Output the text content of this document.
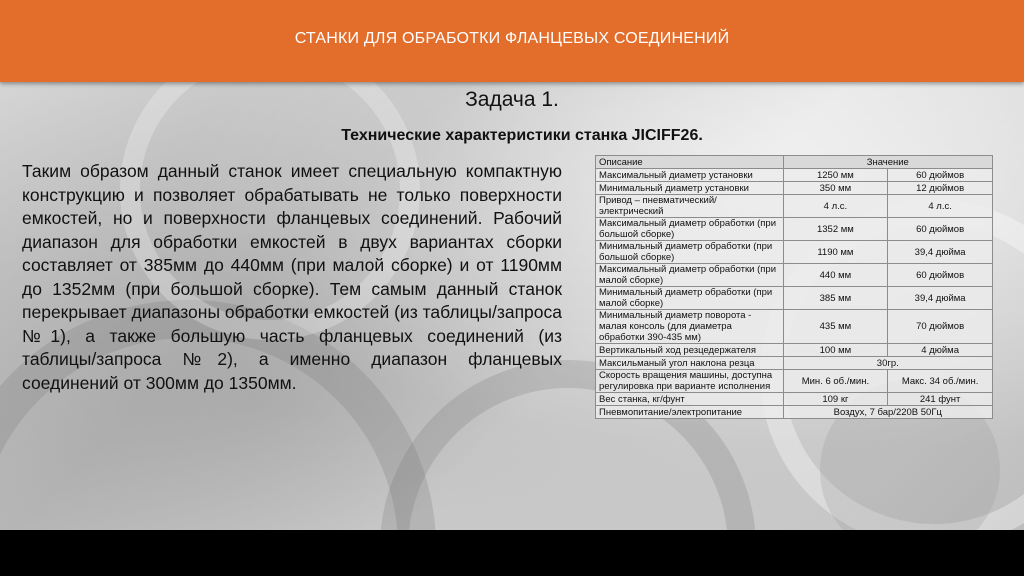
СТАНКИ ДЛЯ ОБРАБОТКИ ФЛАНЦЕВЫХ СОЕДИНЕНИЙ
Задача 1.
Технические характеристики станка JICIFF26.
Таким образом данный станок имеет специальную компактную конструкцию и позволяет обрабатывать не только поверхности емкостей, но и поверхности фланцевых соединений. Рабочий диапазон для обработки емкостей в двух вариантах сборки составляет от 385мм до 440мм (при малой сборке) и от 1190мм до 1352мм (при большой сборке). Тем самым данный станок перекрывает диапазоны обработки емкостей (из таблицы/запроса №1), а также большую часть фланцевых соединений (из таблицы/запроса №2), а именно диапазон фланцевых соединений от 300мм до 1350мм.
Описание	Значение	
Максимальный диаметр установки	1250 мм	60 дюймов
Минимальный диаметр установки	350 мм	12 дюймов
Привод – пневматический/электрический	4 л.с.	4 л.с.
Максимальный диаметр обработки (при большой сборке)	1352 мм	60 дюймов
Минимальный диаметр обработки (при большой сборке)	1190 мм	39,4 дюйма
Максимальный диаметр обработки (при малой сборке)	440 мм	60 дюймов
Минимальный диаметр обработки (при малой сборке)	385 мм	39,4 дюйма
Минимальный диаметр поворота - малая консоль (для диаметра обработки 390-435 мм)	435 мм	70 дюймов
Вертикальный ход резцедержателя	100 мм	4 дюйма
Максильманый угол наклона резца	30гр.	
Скорость вращения машины, доступна регулировка при варианте исполнения	Мин. 6 об./мин.	Макс. 34 об./мин.
Вес станка, кг/фунт	109 кг	241 фунт
Пневмопитание/электропитание	Воздух, 7 бар/220В 50Гц	
